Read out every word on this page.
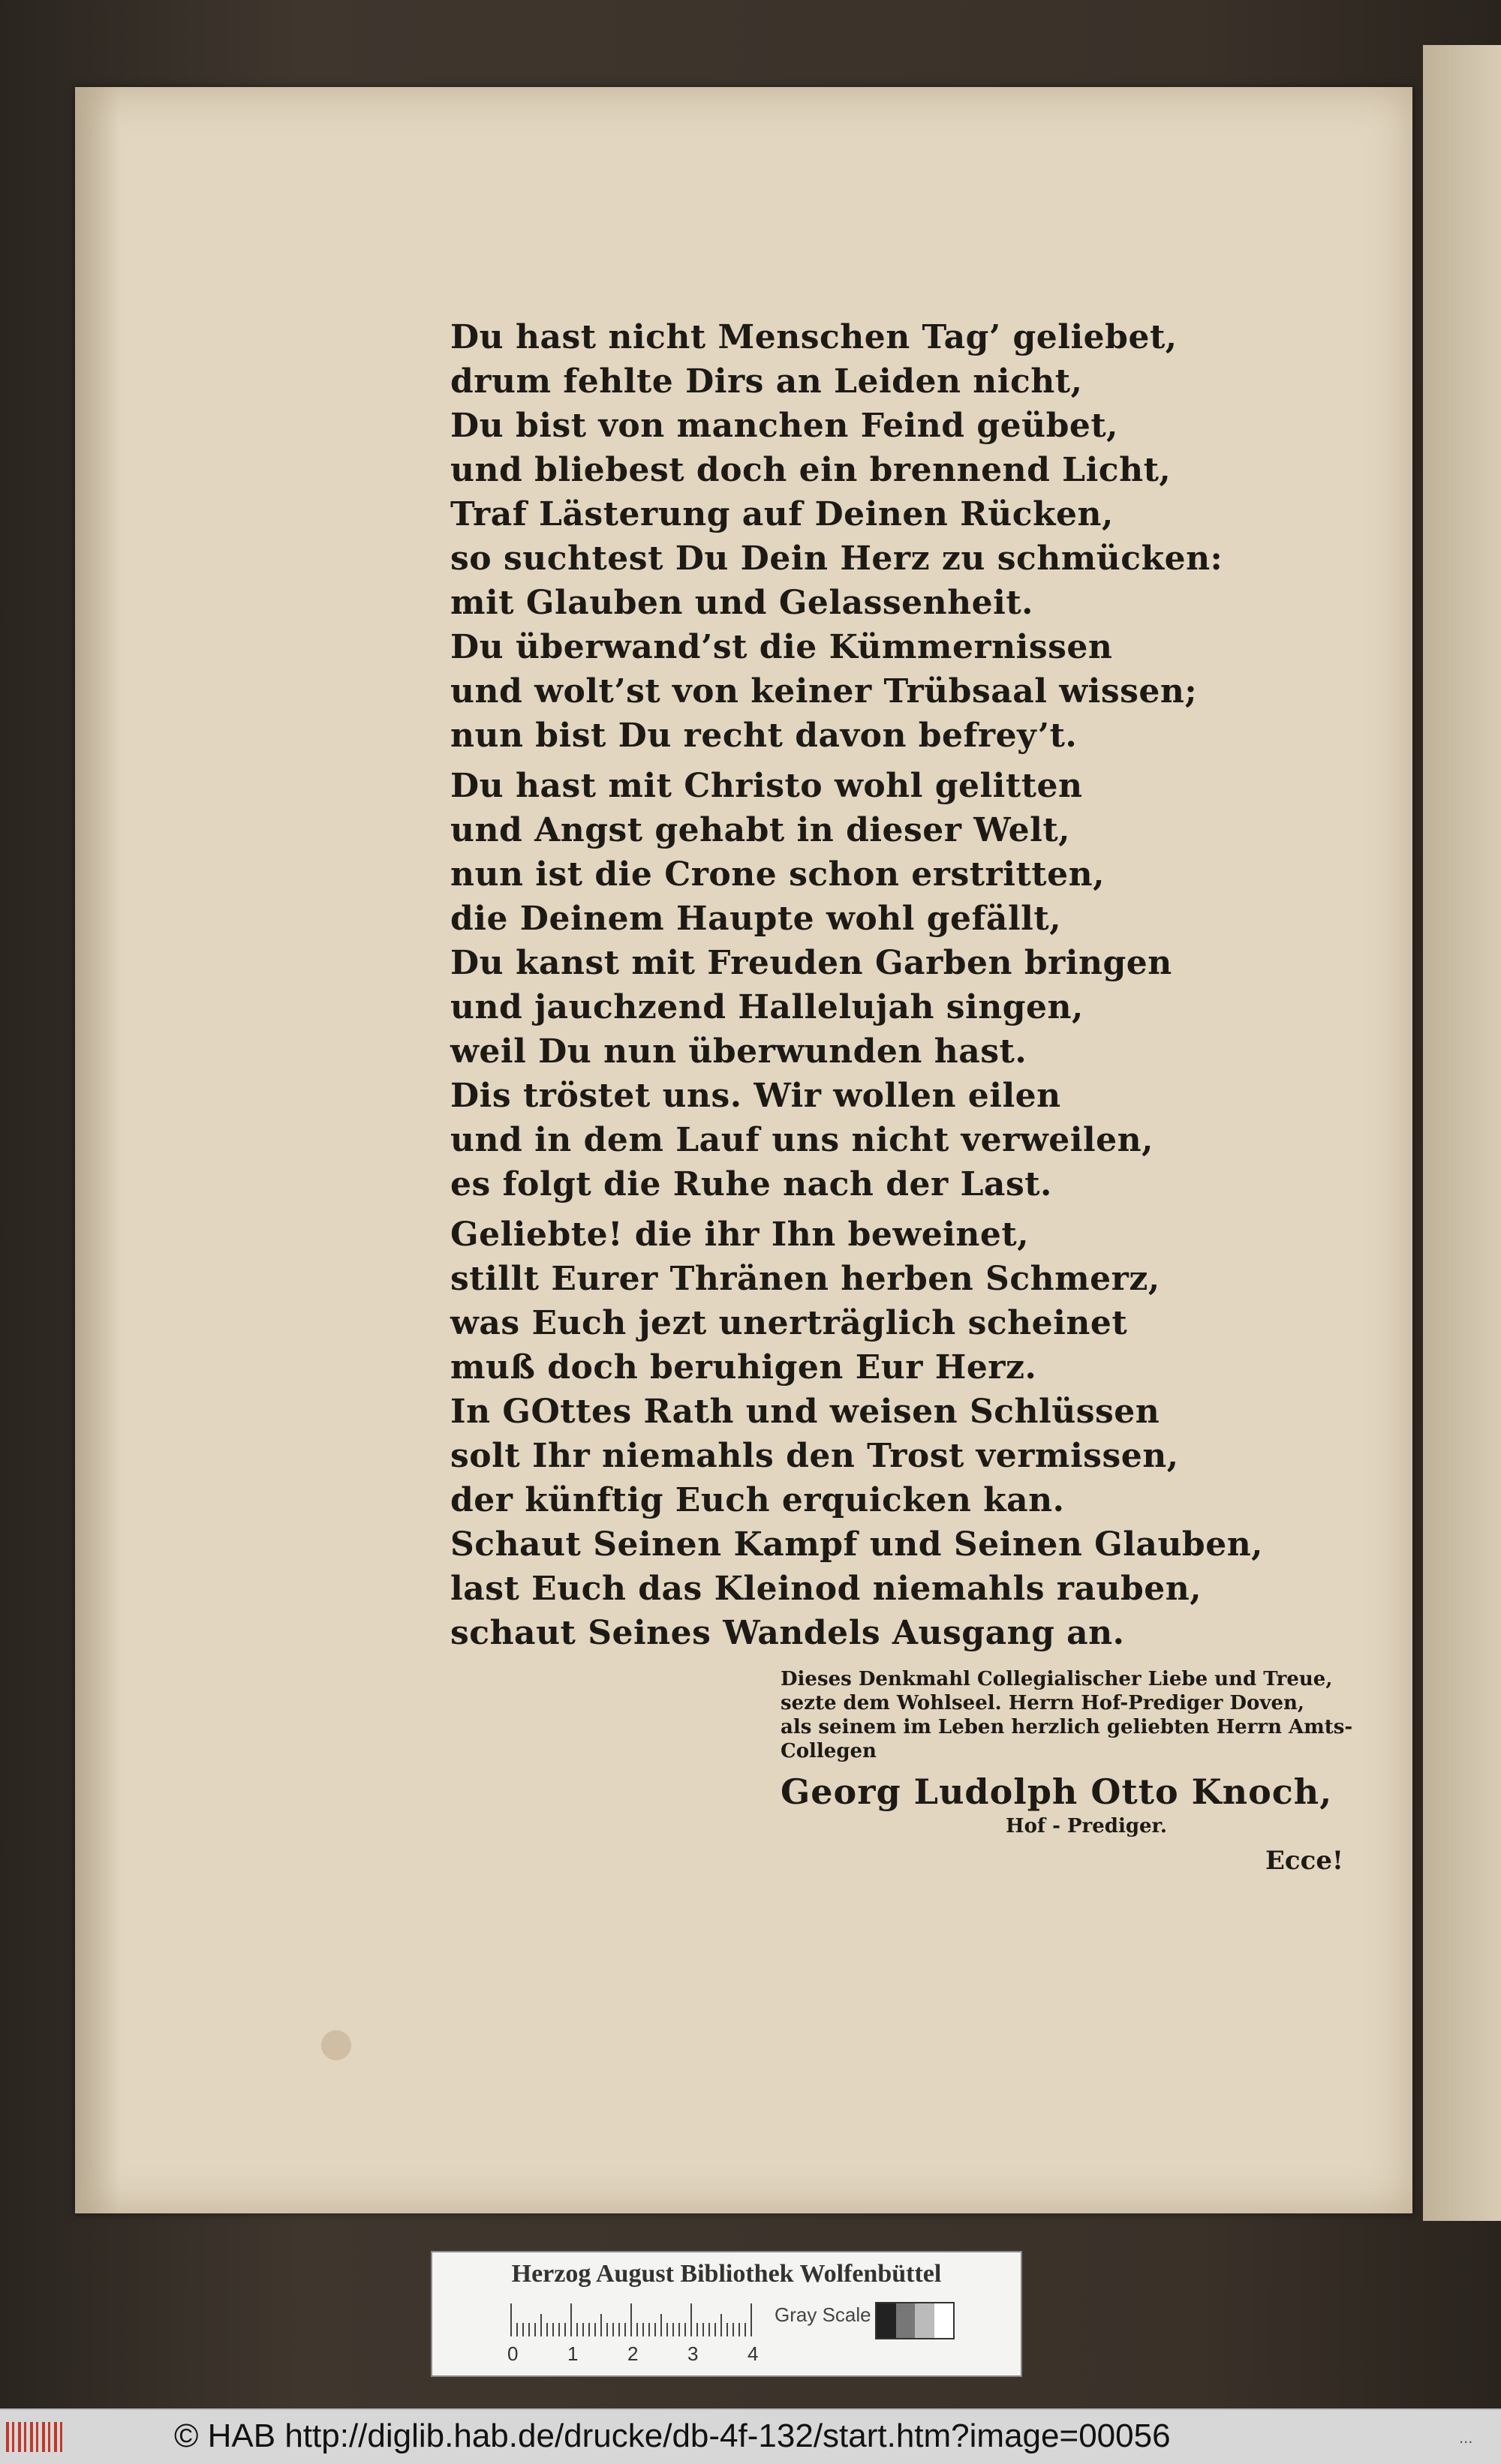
Du hast nicht Menschen Tag’ geliebet,
drum fehlte Dirs an Leiden nicht,
Du bist von manchen Feind geübet,
und bliebest doch ein brennend Licht,
Traf Lästerung auf Deinen Rücken,
so suchtest Du Dein Herz zu schmücken:
mit Glauben und Gelassenheit.
Du überwand’st die Kümmernissen
und wolt’st von keiner Trübsaal wissen;
nun bist Du recht davon befrey’t.
Du hast mit Christo wohl gelitten
und Angst gehabt in dieser Welt,
nun ist die Crone schon erstritten,
die Deinem Haupte wohl gefällt,
Du kanst mit Freuden Garben bringen
und jauchzend Hallelujah singen,
weil Du nun überwunden hast.
Dis tröstet uns. Wir wollen eilen
und in dem Lauf uns nicht verweilen,
es folgt die Ruhe nach der Last.
Geliebte! die ihr Ihn beweinet,
stillt Eurer Thränen herben Schmerz,
was Euch jezt unerträglich scheinet
muß doch beruhigen Eur Herz.
In GOttes Rath und weisen Schlüssen
solt Ihr niemahls den Trost vermissen,
der künftig Euch erquicken kan.
Schaut Seinen Kampf und Seinen Glauben,
last Euch das Kleinod niemahls rauben,
schaut Seines Wandels Ausgang an.
Dieses Denkmahl Collegialischer Liebe und Treue,
sezte dem Wohlseel. Herrn Hof-Prediger Doven,
als seinem im Leben herzlich geliebten Herrn Amts-
Collegen
Georg Ludolph Otto Knoch,
Hof - Prediger.
Ecce!
Herzog August Bibliothek Wolfenbüttel
0	1	2	3	4
Gray Scale
© HAB http://diglib.hab.de/drucke/db-4f-132/start.htm?image=00056	...
